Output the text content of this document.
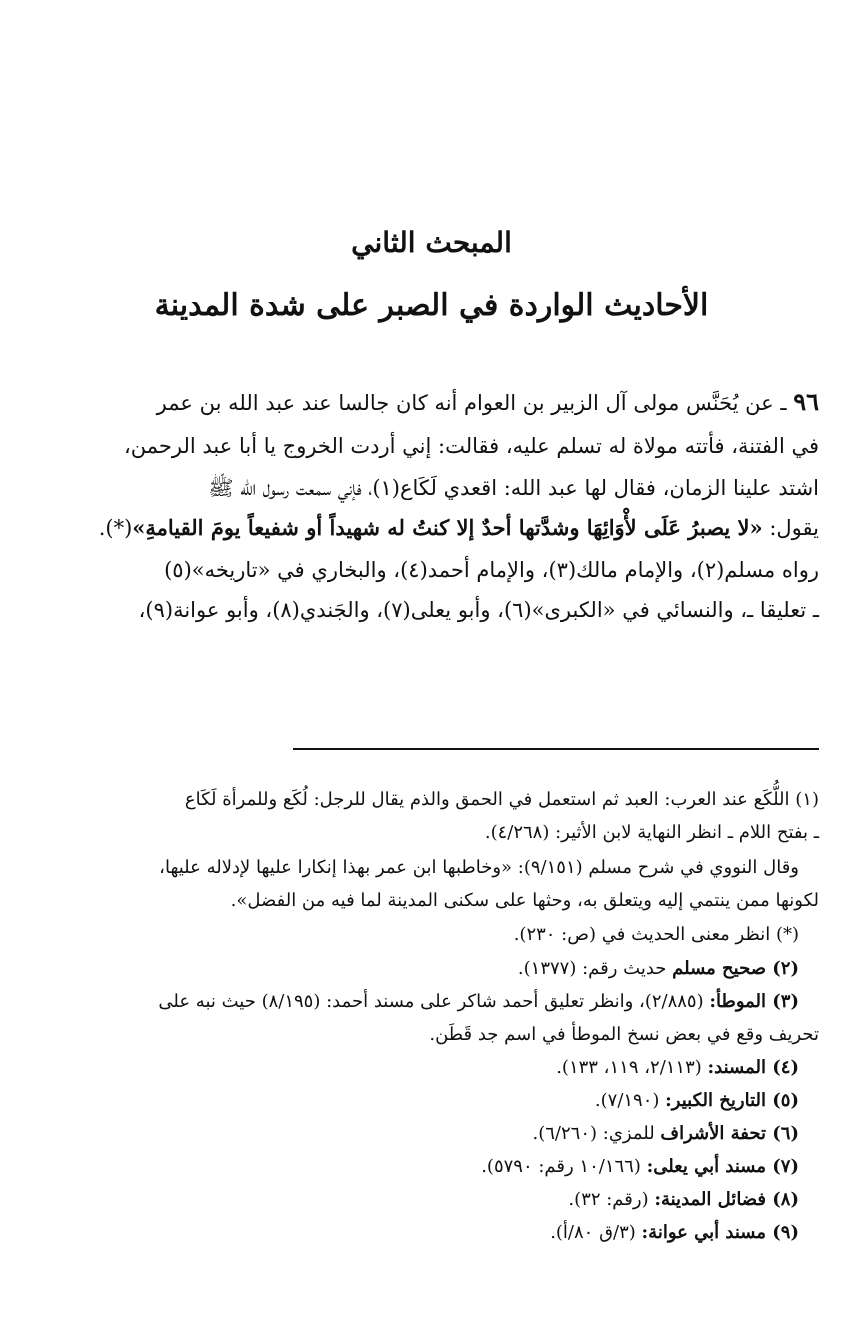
المبحث الثاني
الأحاديث الواردة في الصبر على شدة المدينة
٩٦ ـ عن يُحَنَّس مولى آل الزبير بن العوام أنه كان جالسا عند عبد الله بن عمر
في الفتنة، فأتته مولاة له تسلم عليه، فقالت: إني أردت الخروج يا أبا عبد الرحمن،
اشتد علينا الزمان، فقال لها عبد الله: اقعدي لَكَاع(١)، فإني سمعت رسول الله ﷺ
يقول: «لا يصبرُ عَلَى لأْوَائِهَا وشدَّتها أحدٌ إلا كنتُ له شهيداً أو شفيعاً يومَ القيامةِ»(*).
رواه مسلم(٢)، والإمام مالك(٣)، والإمام أحمد(٤)، والبخاري في «تاريخه»(٥)
ـ تعليقا ـ، والنسائي في «الكبرى»(٦)، وأبو يعلى(٧)، والجَندي(٨)، وأبو عوانة(٩)،
(١) اللُّكَع عند العرب: العبد ثم استعمل في الحمق والذم يقال للرجل: لُكَع وللمرأة لَكَاع
ـ بفتح اللام ـ انظر النهاية لابن الأثير: (٤/٢٦٨).
وقال النووي في شرح مسلم (٩/١٥١): «وخاطبها ابن عمر بهذا إنكارا عليها لإدلاله عليها،
لكونها ممن ينتمي إليه ويتعلق به، وحثها على سكنى المدينة لما فيه من الفضل».
(*) انظر معنى الحديث في (ص: ٢٣٠).
(٢) صحيح مسلم حديث رقم: (١٣٧٧).
(٣) الموطأ: (٢/٨٨٥)، وانظر تعليق أحمد شاكر على مسند أحمد: (٨/١٩٥) حيث نبه على
تحريف وقع في بعض نسخ الموطأ في اسم جد قَطَن.
(٤) المسند: (٢/١١٣، ١١٩، ١٣٣).
(٥) التاريخ الكبير: (٧/١٩٠).
(٦) تحفة الأشراف للمزي: (٦/٢٦٠).
(٧) مسند أبي يعلى: (١٠/١٦٦ رقم: ٥٧٩٠).
(٨) فضائل المدينة: (رقم: ٣٢).
(٩) مسند أبي عوانة: (٣/ق ٨٠/أ).
